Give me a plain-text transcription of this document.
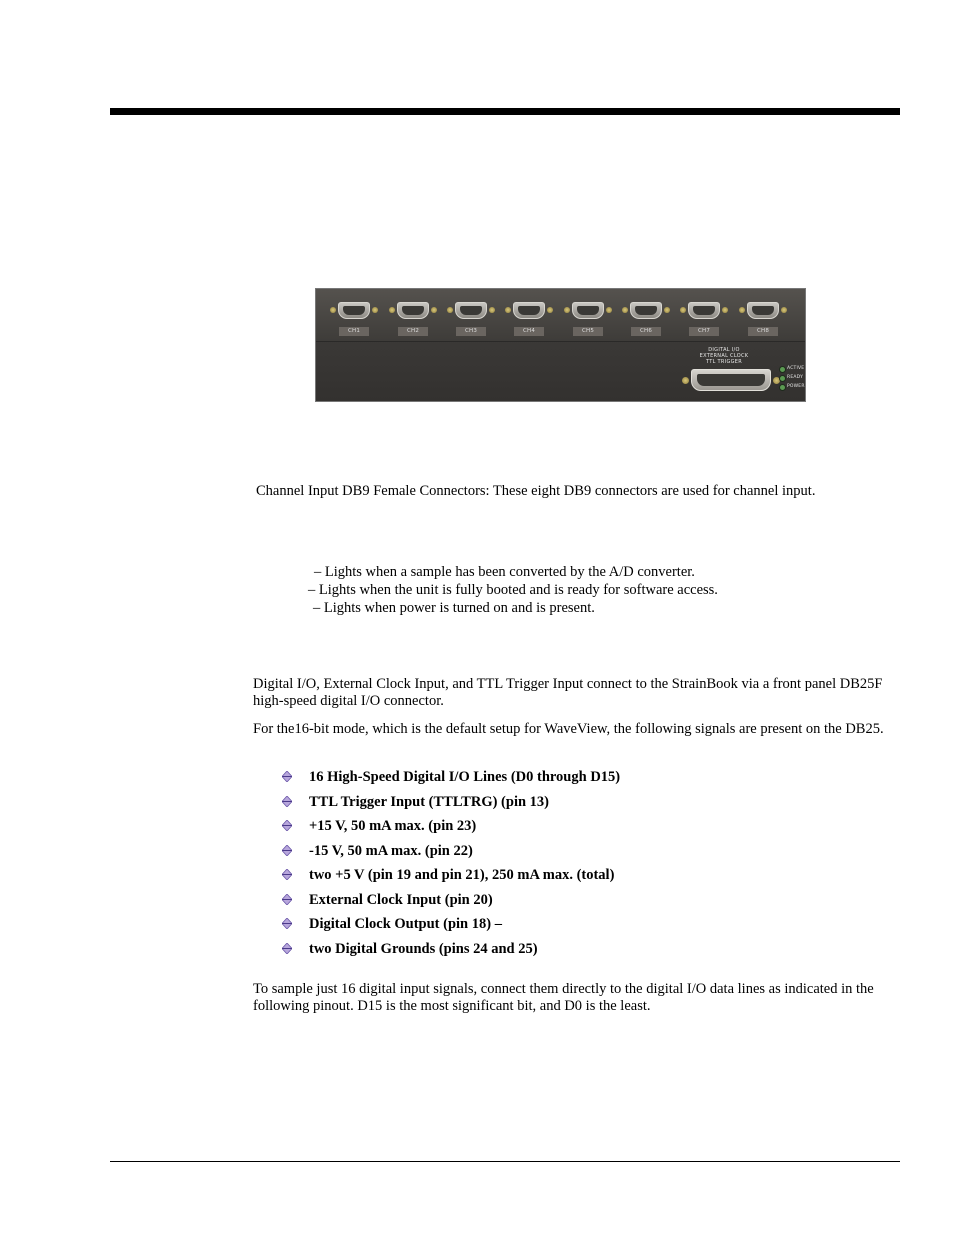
CH1	CH2	CH3	CH4	CH5	CH6	CH7	CH8
DIGITAL I/O
EXTERNAL CLOCK
TTL TRIGGER
ACTIVE
READY
POWER
Channel Input DB9 Female Connectors: These eight DB9 connectors are used for channel input.
– Lights when a sample has been converted by the A/D converter.
– Lights when the unit is fully booted and is ready for software access.
– Lights when power is turned on and is present.
Digital I/O, External Clock Input, and TTL Trigger Input connect to the StrainBook via a front panel DB25F high-speed digital I/O connector.
For the16-bit mode, which is the default setup for WaveView, the following signals are present on the DB25.
16 High-Speed Digital I/O Lines (D0 through D15)
TTL Trigger Input (TTLTRG) (pin 13)
+15 V, 50 mA max. (pin 23)
-15 V, 50 mA max. (pin 22)
two +5 V (pin 19 and pin 21), 250 mA max. (total)
External Clock Input (pin 20)
Digital Clock Output (pin 18) –
two Digital Grounds (pins 24 and 25)
To sample just 16 digital input signals, connect them directly to the digital I/O data lines as indicated in the following pinout. D15 is the most significant bit, and D0 is the least.
